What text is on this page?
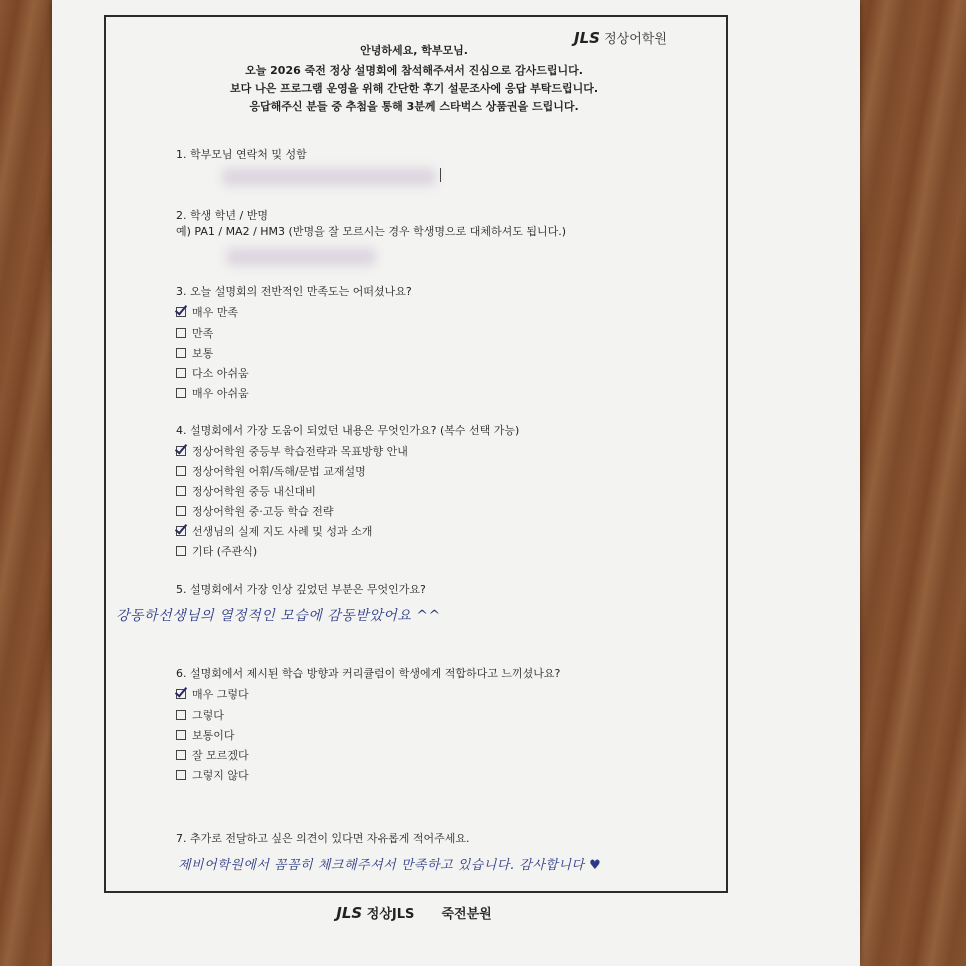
JLS 정상어학원
안녕하세요, 학부모님.
오늘 2026 죽전 정상 설명회에 참석해주셔서 진심으로 감사드립니다.
보다 나은 프로그램 운영을 위해 간단한 후기 설문조사에 응답 부탁드립니다.
응답해주신 분들 중 추첨을 통해 3분께 스타벅스 상품권을 드립니다.
1. 학부모님 연락처 및 성함
2. 학생 학년 / 반명
예) PA1 / MA2 / HM3 (반명을 잘 모르시는 경우 학생명으로 대체하셔도 됩니다.)
3. 오늘 설명회의 전반적인 만족도는 어떠셨나요?
매우 만족
만족
보통
다소 아쉬움
매우 아쉬움
4. 설명회에서 가장 도움이 되었던 내용은 무엇인가요? (복수 선택 가능)
정상어학원 중등부 학습전략과 목표방향 안내
정상어학원 어휘/독해/문법 교재설명
정상어학원 중등 내신대비
정상어학원 중·고등 학습 전략
선생님의 실제 지도 사례 및 성과 소개
기타 (주관식)
5. 설명회에서 가장 인상 깊었던 부분은 무엇인가요?
강동하선생님의 열정적인 모습에 감동받았어요 ^^
6. 설명회에서 제시된 학습 방향과 커리큘럼이 학생에게 적합하다고 느끼셨나요?
매우 그렇다
그렇다
보통이다
잘 모르겠다
그렇지 않다
7. 추가로 전달하고 싶은 의견이 있다면 자유롭게 적어주세요.
제비어학원에서 꼼꼼히 체크해주셔서 만족하고 있습니다. 감사합니다 ♥
JLS 정상JLS 죽전분원
